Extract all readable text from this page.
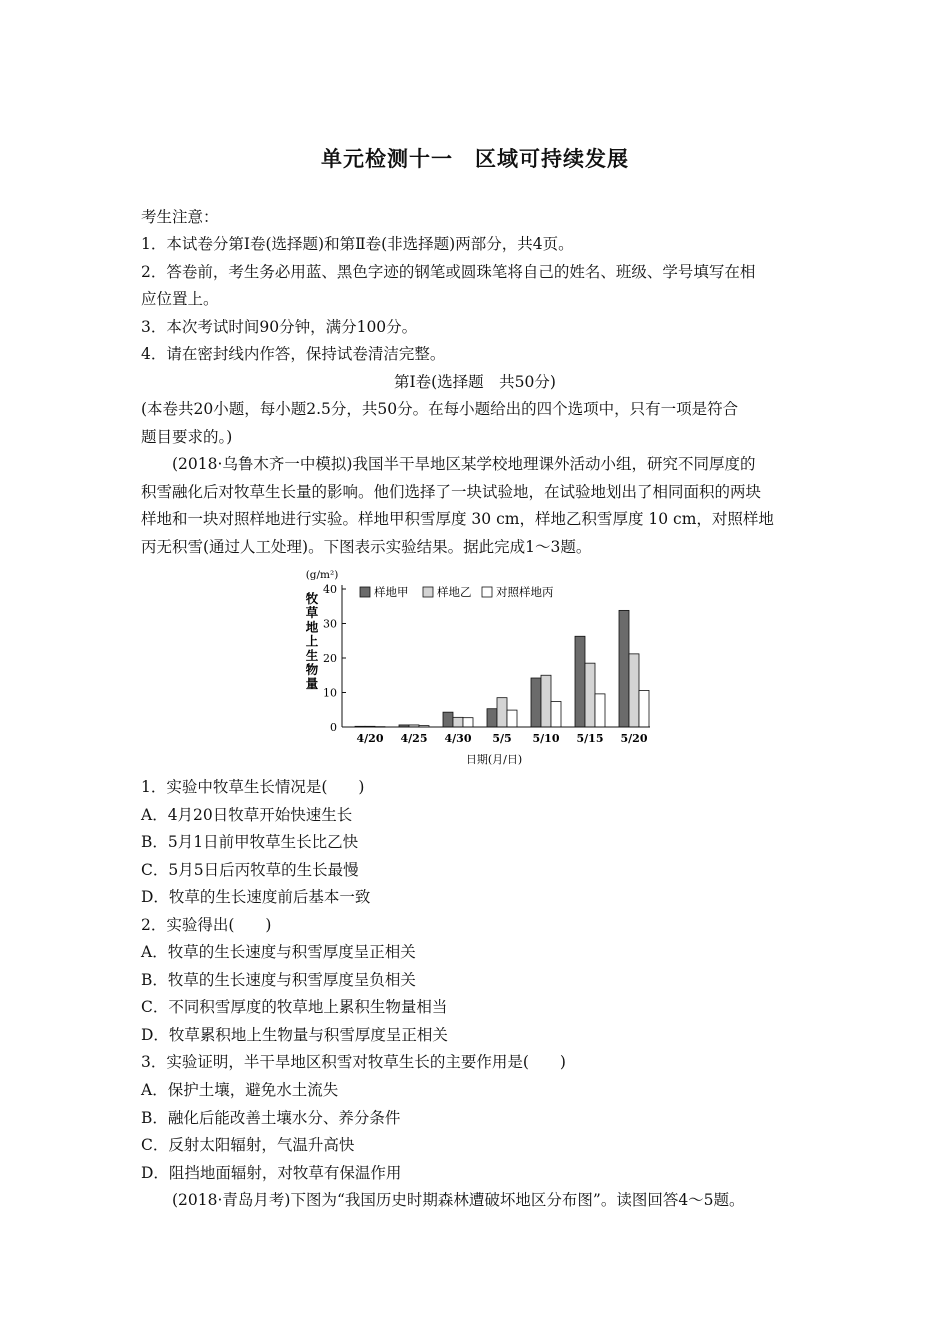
单元检测十一　区域可持续发展
考生注意：
1．本试卷分第Ⅰ卷(选择题)和第Ⅱ卷(非选择题)两部分，共4页。
2．答卷前，考生务必用蓝、黑色字迹的钢笔或圆珠笔将自己的姓名、班级、学号填写在相
应位置上。
3．本次考试时间90分钟，满分100分。
4．请在密封线内作答，保持试卷清洁完整。
第Ⅰ卷(选择题　共50分)
(本卷共20小题，每小题2.5分，共50分。在每小题给出的四个选项中，只有一项是符合
题目要求的。)
(2018·乌鲁木齐一中模拟)我国半干旱地区某学校地理课外活动小组，研究不同厚度的
积雪融化后对牧草生长量的影响。他们选择了一块试验地，在试验地划出了相同面积的两块
样地和一块对照样地进行实验。样地甲积雪厚度 30 cm，样地乙积雪厚度 10 cm，对照样地
丙无积雪(通过人工处理)。下图表示实验结果。据此完成1～3题。
(g/m²)
牧草地上生物量
0
10
20
30
40
4/20 4/25 4/30 5/5 5/10 5/15 5/20
样地甲 样地乙 对照样地丙
日期(月/日)
1．实验中牧草生长情况是(　　)
A．4月20日牧草开始快速生长
B．5月1日前甲牧草生长比乙快
C．5月5日后丙牧草的生长最慢
D．牧草的生长速度前后基本一致
2．实验得出(　　)
A．牧草的生长速度与积雪厚度呈正相关
B．牧草的生长速度与积雪厚度呈负相关
C．不同积雪厚度的牧草地上累积生物量相当
D．牧草累积地上生物量与积雪厚度呈正相关
3．实验证明，半干旱地区积雪对牧草生长的主要作用是(　　)
A．保护土壤，避免水土流失
B．融化后能改善土壤水分、养分条件
C．反射太阳辐射，气温升高快
D．阻挡地面辐射，对牧草有保温作用
(2018·青岛月考)下图为“我国历史时期森林遭破坏地区分布图”。读图回答4～5题。
